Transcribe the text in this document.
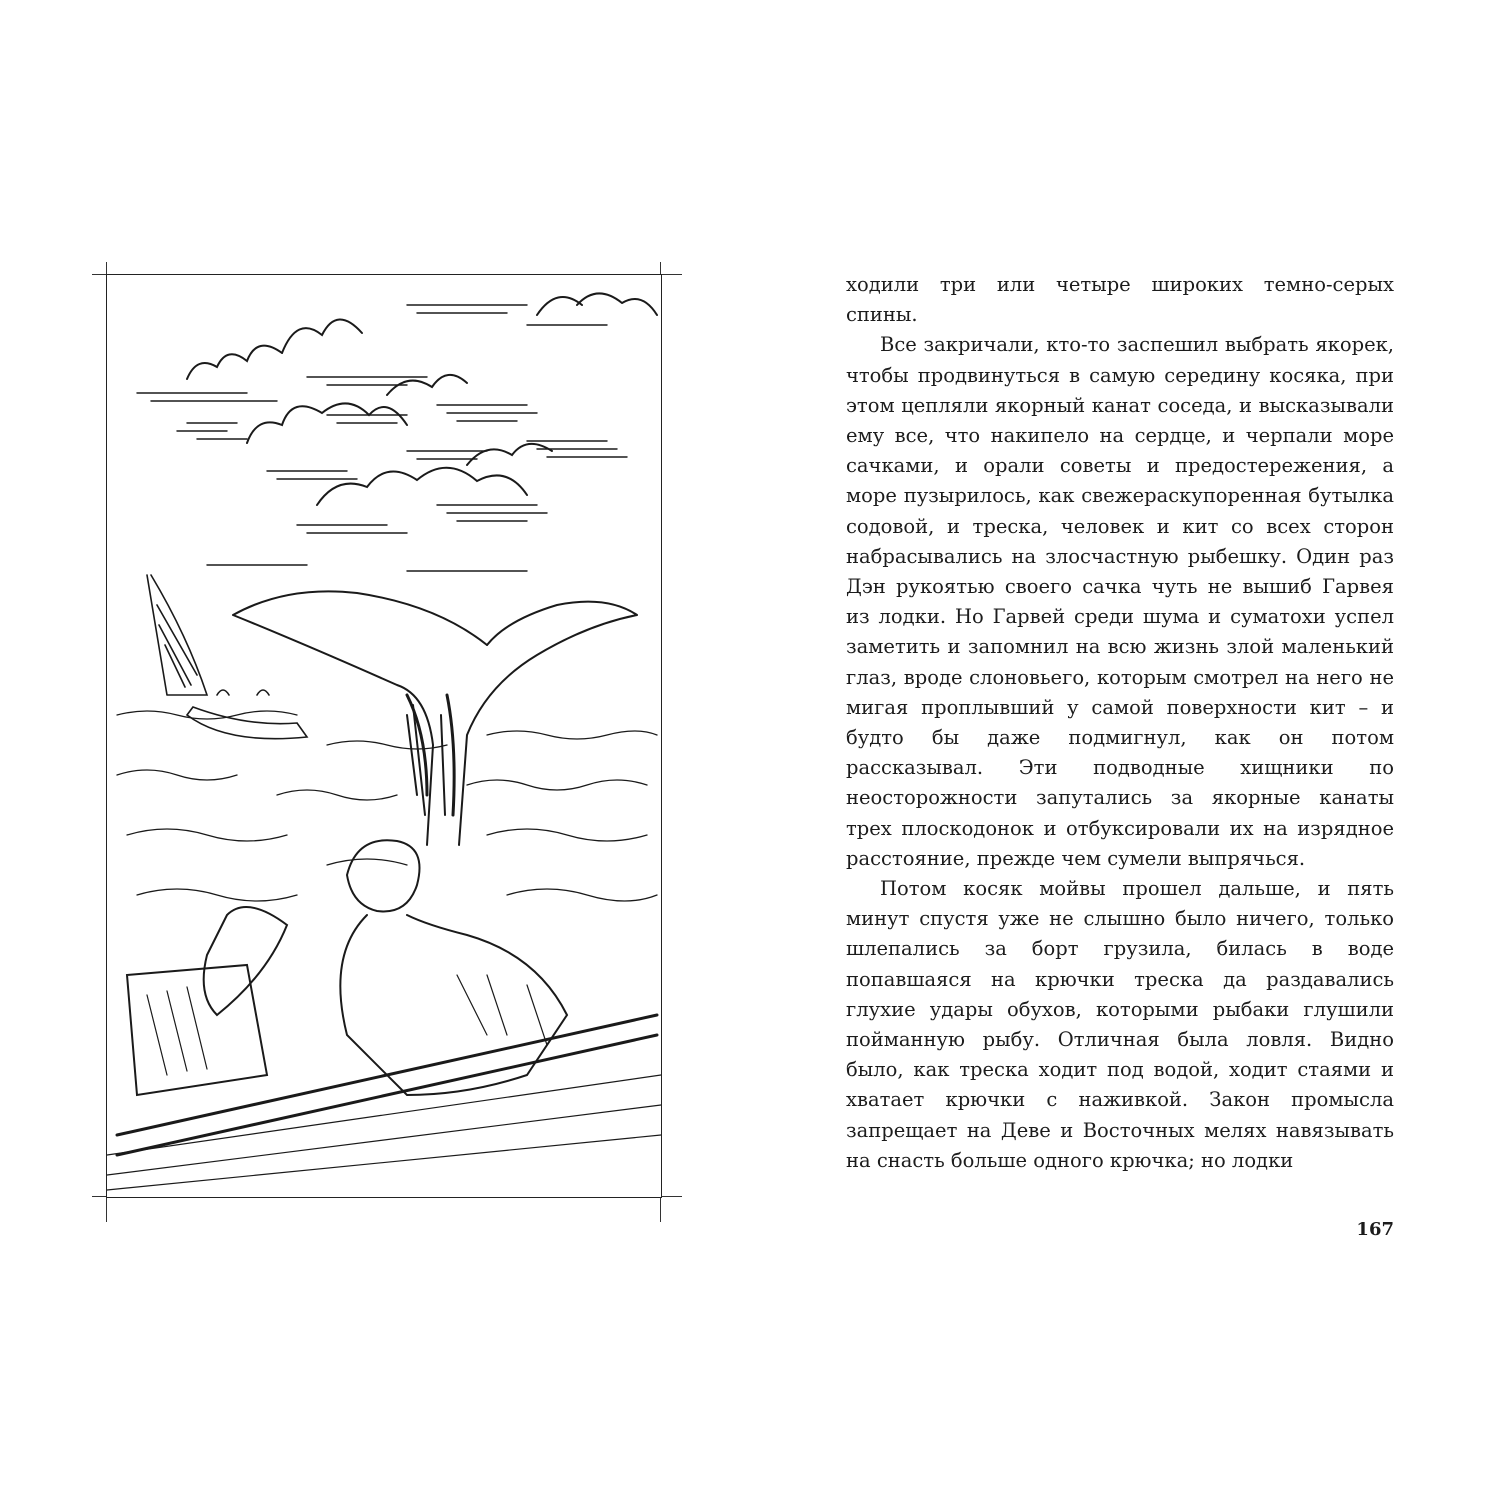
ходили три или четыре широких темно-серых спины.

Все закричали, кто-то заспешил выбрать якорек, чтобы продвинуться в самую середину косяка, при этом цепляли якорный канат соседа, и высказывали ему все, что накипело на сердце, и черпали море сачками, и орали советы и предостережения, а море пузырилось, как свежераскупоренная бутылка содовой, и треска, человек и кит со всех сторон набрасывались на злосчастную рыбешку. Один раз Дэн рукоятью своего сачка чуть не вышиб Гарвея из лодки. Но Гарвей среди шума и суматохи успел заметить и запомнил на всю жизнь злой маленький глаз, вроде слоновьего, которым смотрел на него не мигая проплывший у самой поверхности кит – и будто бы даже подмигнул, как он потом рассказывал. Эти подводные хищники по неосторожности запутались за якорные канаты трех плоскодонок и отбуксировали их на изрядное расстояние, прежде чем сумели выпрячься.

Потом косяк мойвы прошел дальше, и пять минут спустя уже не слышно было ничего, только шлепались за борт грузила, билась в воде попавшаяся на крючки треска да раздавались глухие удары обухов, которыми рыбаки глушили пойманную рыбу. Отличная была ловля. Видно было, как треска ходит под водой, ходит стаями и хватает крючки с наживкой. Закон промысла запрещает на Деве и Восточных мелях навязывать на снасть больше одного крючка; но лодки

167
